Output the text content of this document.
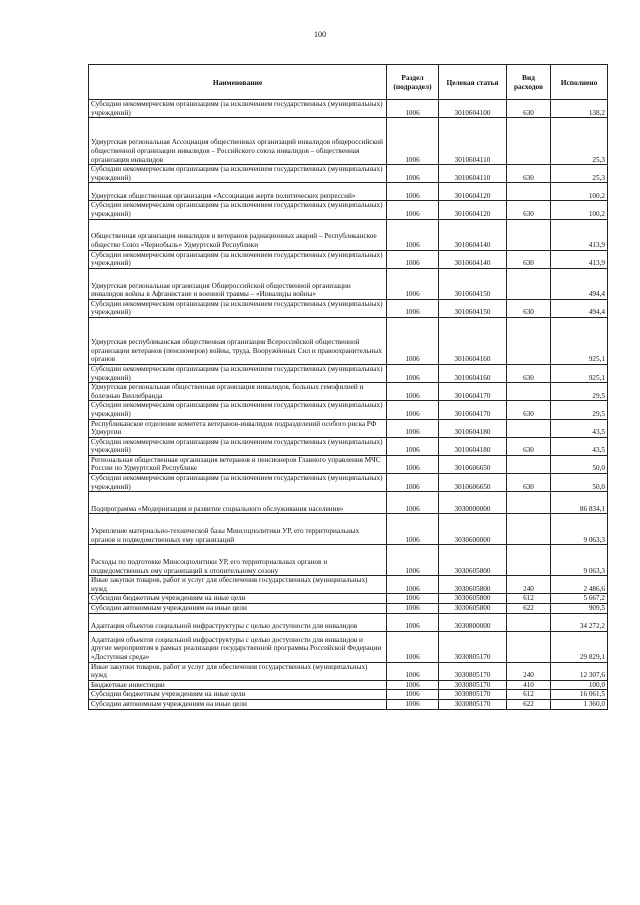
100
Наименование	Раздел (подраздел)	Целевая статья	Вид расходов	Исполнено
Субсидии некоммерческим организациям (за исключением государственных (муниципальных) учреждений)	1006	3010604100	630	138,2
Удмуртская региональная Ассоциация общественных организаций инвалидов общероссийской общественной организации инвалидов – Российского союза инвалидов – общественная организация инвалидов	1006	3010604110		25,3
Субсидии некоммерческим организациям (за исключением государственных (муниципальных) учреждений)	1006	3010604110	630	25,3
Удмуртская общественная организация «Ассоциация жертв политических репрессий»	1006	3010604120		100,2
Субсидии некоммерческим организациям (за исключением государственных (муниципальных) учреждений)	1006	3010604120	630	100,2
Общественная организация инвалидов и ветеранов радиационных аварий – Республиканское общество Союз «Чернобыль» Удмуртской Республики	1006	3010604140		413,9
Субсидии некоммерческим организациям (за исключением государственных (муниципальных) учреждений)	1006	3010604140	630	413,9
Удмуртская региональная организация Общероссийской общественной организации инвалидов войны в Афганистане и военной травмы – «Инвалиды войны»	1006	3010604150		494,4
Субсидии некоммерческим организациям (за исключением государственных (муниципальных) учреждений)	1006	3010604150	630	494,4
Удмуртская республиканская общественная организация Всероссийской общественной организации ветеранов (пенсионеров) войны, труда, Вооружённых Сил и правоохранительных органов	1006	3010604160		925,1
Субсидии некоммерческим организациям (за исключением государственных (муниципальных) учреждений)	1006	3010604160	630	925,1
Удмуртская региональная общественная организация инвалидов, больных гемофилией и болезнью Виллебранда	1006	3010604170		29,5
Субсидии некоммерческим организациям (за исключением государственных (муниципальных) учреждений)	1006	3010604170	630	29,5
Республиканское отделение комитета ветеранов-инвалидов подразделений особого риска РФ Удмуртии	1006	3010604180		43,5
Субсидии некоммерческим организациям (за исключением государственных (муниципальных) учреждений)	1006	3010604180	630	43,5
Региональная общественная организация ветеранов и пенсионеров Главного управления МЧС России по Удмуртской Республике	1006	3010606650		50,0
Субсидии некоммерческим организациям (за исключением государственных (муниципальных) учреждений)	1006	3010606650	630	50,0
Подпрограмма «Модернизация и развитие социального обслуживания населения»	1006	3030000000		86 834,1
Укрепление материально-технической базы Минсоцполитики УР, его территориальных органов и подведомственных ему организаций	1006	3030600000		9 063,3
Расходы по подготовке Минсоцполитики УР, его территориальных органов и подведомственных ему организаций к отопительному сезону	1006	3030605800		9 063,3
Иные закупки товаров, работ и услуг для обеспечения государственных (муниципальных) нужд	1006	3030605800	240	2 486,6
Субсидии бюджетным учреждениям на иные цели	1006	3030605800	612	5 667,2
Субсидии автономным учреждениям на иные цели	1006	3030605800	622	909,5
Адаптация объектов социальной инфраструктуры с целью доступности для инвалидов	1006	3030800000		34 272,2
Адаптация объектов социальной инфраструктуры с целью доступности для инвалидов и другие мероприятия в рамках реализации государственной программы Российской Федерации «Доступная среда»	1006	3030805170		29 829,1
Иные закупки товаров, работ и услуг для обеспечения государственных (муниципальных) нужд	1006	3030805170	240	12 307,6
Бюджетные инвестиции	1006	3030805170	410	100,0
Субсидии бюджетным учреждениям на иные цели	1006	3030805170	612	16 061,5
Субсидии автономным учреждениям на иные цели	1006	3030805170	622	1 360,0
